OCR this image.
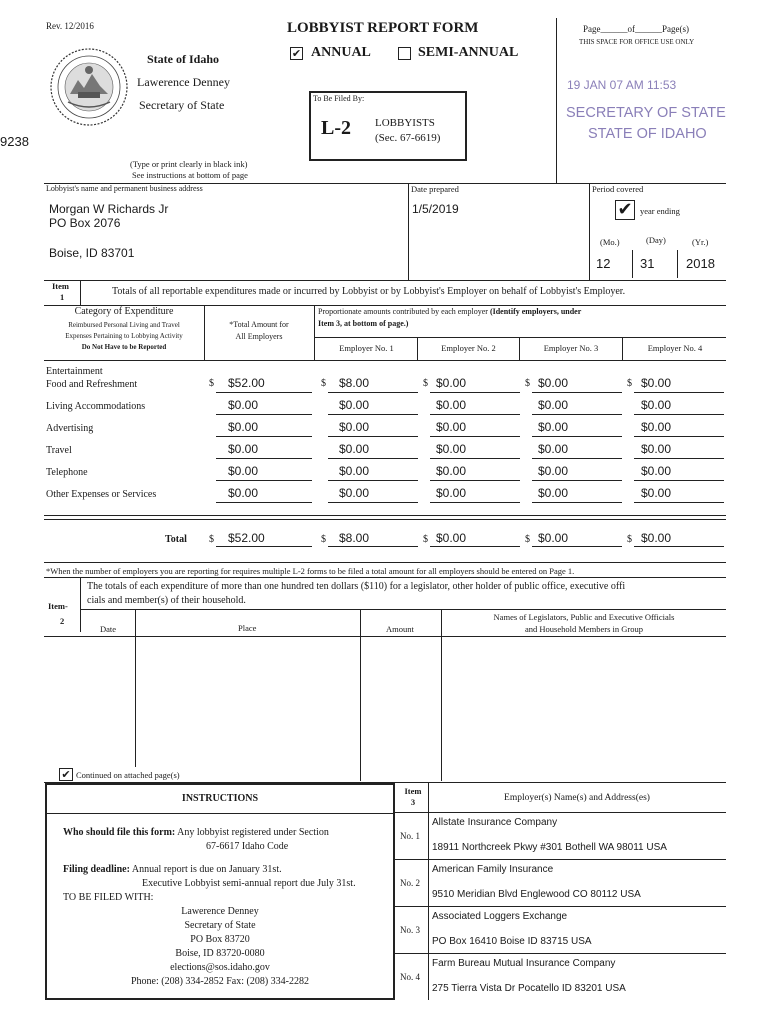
Rev. 12/2016	LOBBYIST REPORT FORM
✔ ANNUAL	SEMI-ANNUAL
Page______of______Page(s)
THIS SPACE FOR OFFICE USE ONLY
State of Idaho
Lawerence Denney
Secretary of State	To Be Filed By:
L-2 LOBBYISTS
(Sec. 67-6619)
9238
(Type or print clearly in black ink)
See instructions at bottom of page
19 JAN 07 AM 11:53
SECRETARY OF STATE
STATE OF IDAHO
Lobbyist's name and permanent business address
Morgan W Richards Jr
PO Box 2076
Boise, ID 83701
Date prepared
1/5/2019
Period covered
✔ year ending
(Mo.)	(Day)	(Yr.)
12 31 2018
Item
1	Totals of all reportable expenditures made or incurred by Lobbyist or by Lobbyist's Employer on behalf of Lobbyist's Employer.
Category of Expenditure
Reimbursed Personal Living and Travel
Expenses Pertaining to Lobbying Activity
Do Not Have to be Reported
*Total Amount for
All Employers
Proportionate amounts contributed by each employer (Identify employers, under
Item 3, at bottom of page.)
Employer No. 1	Employer No. 2	Employer No. 3	Employer No. 4
Entertainment
Food and Refreshment	$ $52.00	$ $8.00	$ $0.00	$ $0.00	$ $0.00
Living Accommodations	$0.00	$0.00	$0.00	$0.00	$0.00
Advertising	$0.00	$0.00	$0.00	$0.00	$0.00
Travel	$0.00	$0.00	$0.00	$0.00	$0.00
Telephone	$0.00	$0.00	$0.00	$0.00	$0.00
Other Expenses or Services	$0.00	$0.00	$0.00	$0.00	$0.00
Total $ $52.00	$ $8.00	$ $0.00	$ $0.00	$ $0.00
*When the number of employers you are reporting for requires multiple L-2 forms to be filed a total amount for all employers should be entered on Page 1.
Item-
2
The totals of each expenditure of more than one hundred ten dollars ($110) for a legislator, other holder of public office, executive offi
cials and member(s) of their household.
Date	Place	Amount
Names of Legislators, Public and Executive Officials
and Household Members in Group
✔ Continued on attached page(s)
INSTRUCTIONS
Who should file this form: Any lobbyist registered under Section
67-6617 Idaho Code
Filing deadline: Annual report is due on January 31st.
Executive Lobbyist semi-annual report due July 31st.
TO BE FILED WITH:
Lawerence Denney
Secretary of State
PO Box 83720
Boise, ID 83720-0080
elections@sos.idaho.gov
Phone: (208) 334-2852 Fax: (208) 334-2282
Item
3	Employer(s) Name(s) and Address(es)
No. 1
Allstate Insurance Company
18911 Northcreek Pkwy #301 Bothell WA 98011 USA
No. 2
American Family Insurance
9510 Meridian Blvd Englewood CO 80112 USA
No. 3
Associated Loggers Exchange
PO Box 16410 Boise ID 83715 USA
No. 4
Farm Bureau Mutual Insurance Company
275 Tierra Vista Dr Pocatello ID 83201 USA
